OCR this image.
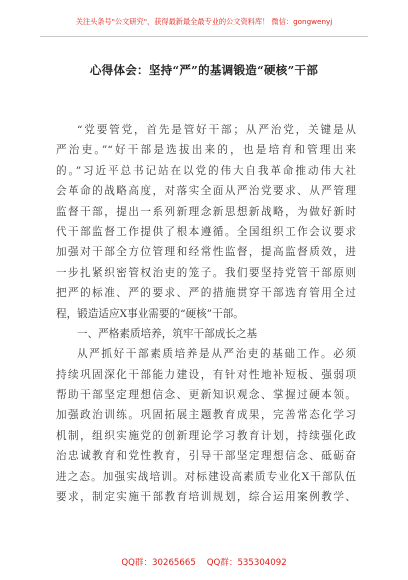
关注头条号"公文研究"，获得最新最全最专业的公文资料库！ 微信：gongwenyj
心得体会：坚持“严”的基调锻造“硬核”干部
“党要管党，首先是管好干部；从严治党，关键是从
严治吏。”“好干部是选拔出来的，也是培育和管理出来
的。”习近平总书记站在以党的伟大自我革命推动伟大社
会革命的战略高度，对落实全面从严治党要求、从严管理
监督干部，提出一系列新理念新思想新战略，为做好新时
代干部监督工作提供了根本遵循。全国组织工作会议要求
加强对干部全方位管理和经常性监督，提高监督质效，进
一步扎紧织密管权治吏的笼子。我们要坚持党管干部原则
把严的标准、严的要求、严的措施贯穿干部选育管用全过
程，锻造适应X事业需要的“硬核”干部。
一、严格素质培养，筑牢干部成长之基
从严抓好干部素质培养是从严治吏的基础工作。必须
持续巩固深化干部能力建设，有针对性地补短板、强弱项
帮助干部坚定理想信念、更新知识观念、掌握过硬本领。
加强政治训练。巩固拓展主题教育成果，完善常态化学习
机制，组织实施党的创新理论学习教育计划，持续强化政
治忠诚教育和党性教育，引导干部坚定理想信念、砥砺奋
进之态。加强实战培训。对标建设高素质专业化X干部队伍
要求，制定实施干部教育培训规划，综合运用案例教学、
QQ群：30265665 QQ群：535304092
